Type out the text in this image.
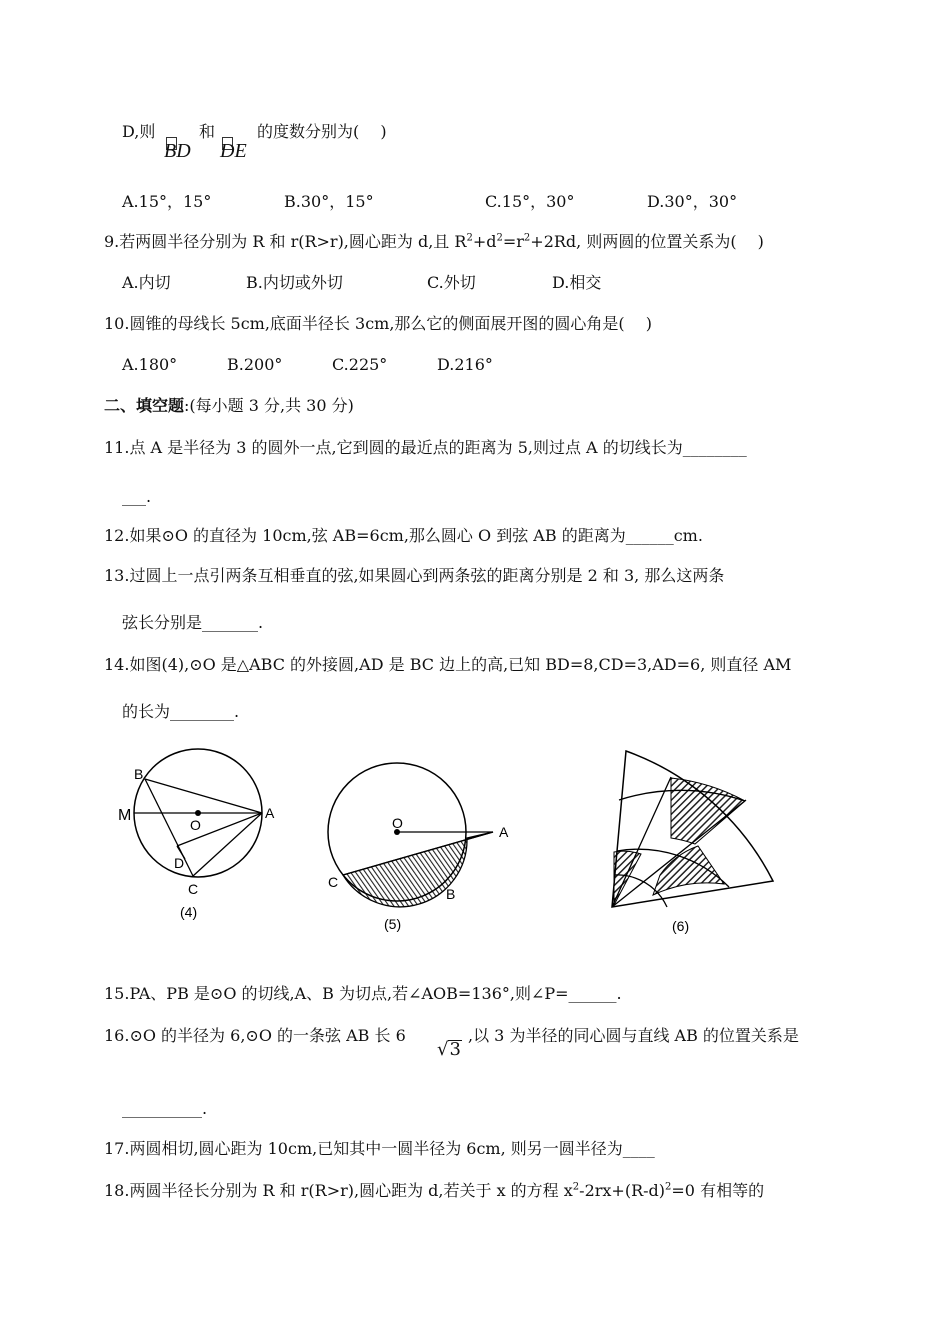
D,则
BD
和
DE
的度数分别为(　 )
A.15°，15°	B.30°，15°	C.15°，30°	D.30°，30°
9.若两圆半径分别为 R 和 r(R>r),圆心距为 d,且 $R^2+d^2=r^2+2Rd$, 则两圆的位置关系为(　 )
A.内切	B.内切或外切	C.外切	D.相交
10.圆锥的母线长 5cm,底面半径长 3cm,那么它的侧面展开图的圆心角是(　 )
A.180°	B.200°	C.225°	D.216°
二、填空题:(每小题 3 分,共 30 分)
11.点 A 是半径为 3 的圆外一点,它到圆的最近点的距离为 5,则过点 A 的切线长为________
___.
12.如果⊙O 的直径为 10cm,弦 AB=6cm,那么圆心 O 到弦 AB 的距离为______cm.
13.过圆上一点引两条互相垂直的弦,如果圆心到两条弦的距离分别是 2 和 3, 那么这两条
弦长分别是_______.
14.如图(4),⊙O 是△ABC 的外接圆,AD 是 BC 边上的高,已知 BD=8,CD=3,AD=6, 则直径 AM
的长为________.
B
M
O
A
D
C
(4)
O
A
C
B
(5)	(6)
15.PA、PB 是⊙O 的切线,A、B 为切点,若∠AOB=136°,则∠P=______.
16.⊙O 的半径为 6,⊙O 的一条弦 AB 长 6
√3
,以 3 为半径的同心圆与直线 AB 的位置关系是
__________.
17.两圆相切,圆心距为 10cm,已知其中一圆半径为 6cm, 则另一圆半径为____
18.两圆半径长分别为 R 和 r(R>r),圆心距为 d,若关于 x 的方程 $x^2-2rx+(R-d)^2=0$ 有相等的
